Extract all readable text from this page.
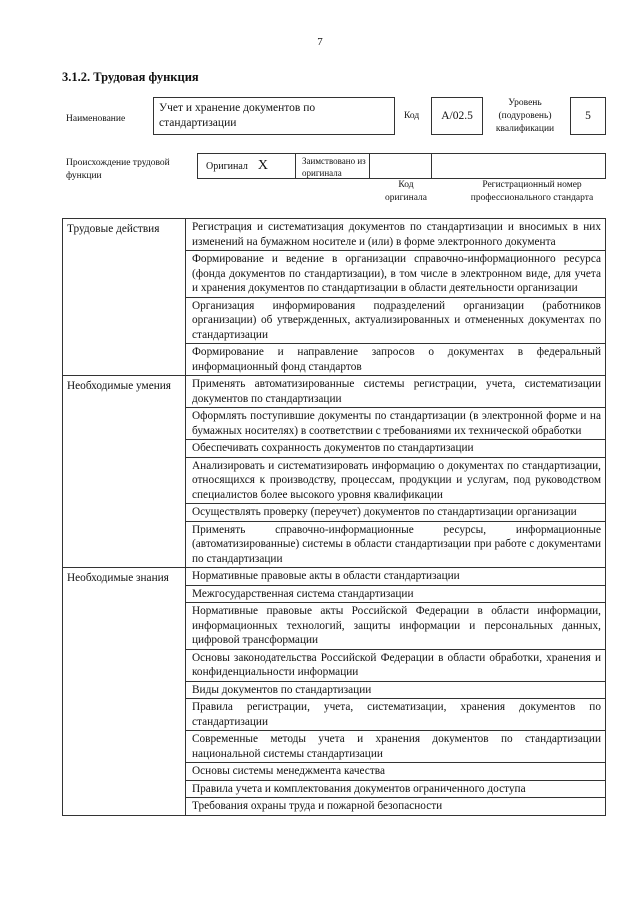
7
3.1.2. Трудовая функция
Наименование
Учет и хранение документов по стандартизации
Код	A/02.5
Уровень (подуровень) квалификации
5
Происхождение трудовой функции
Оригинал X	Заимствовано из оригинала
Код оригинала
Регистрационный номер профессионального стандарта
Трудовые действия	Регистрация и систематизация документов по стандартизации и вносимых в них изменений на бумажном носителе и (или) в форме электронного документа
	Формирование и ведение в организации справочно-информационного ресурса (фонда документов по стандартизации), в том числе в электронном виде, для учета и хранения документов по стандартизации в области деятельности организации
	Организация информирования подразделений организации (работников организации) об утвержденных, актуализированных и отмененных документах по стандартизации
	Формирование и направление запросов о документах в федеральный информационный фонд стандартов
Необходимые умения	Применять автоматизированные системы регистрации, учета, систематизации документов по стандартизации
	Оформлять поступившие документы по стандартизации (в электронной форме и на бумажных носителях) в соответствии с требованиями их технической обработки
	Обеспечивать сохранность документов по стандартизации
	Анализировать и систематизировать информацию о документах по стандартизации, относящихся к производству, процессам, продукции и услугам, под руководством специалистов более высокого уровня квалификации
	Осуществлять проверку (переучет) документов по стандартизации организации
	Применять справочно-информационные ресурсы, информационные (автоматизированные) системы в области стандартизации при работе с документами по стандартизации
Необходимые знания	Нормативные правовые акты в области стандартизации
	Межгосударственная система стандартизации
	Нормативные правовые акты Российской Федерации в области информации, информационных технологий, защиты информации и персональных данных, цифровой трансформации
	Основы законодательства Российской Федерации в области обработки, хранения и конфиденциальности информации
	Виды документов по стандартизации
	Правила регистрации, учета, систематизации, хранения документов по стандартизации
	Современные методы учета и хранения документов по стандартизации национальной системы стандартизации
	Основы системы менеджмента качества
	Правила учета и комплектования документов ограниченного доступа
	Требования охраны труда и пожарной безопасности
